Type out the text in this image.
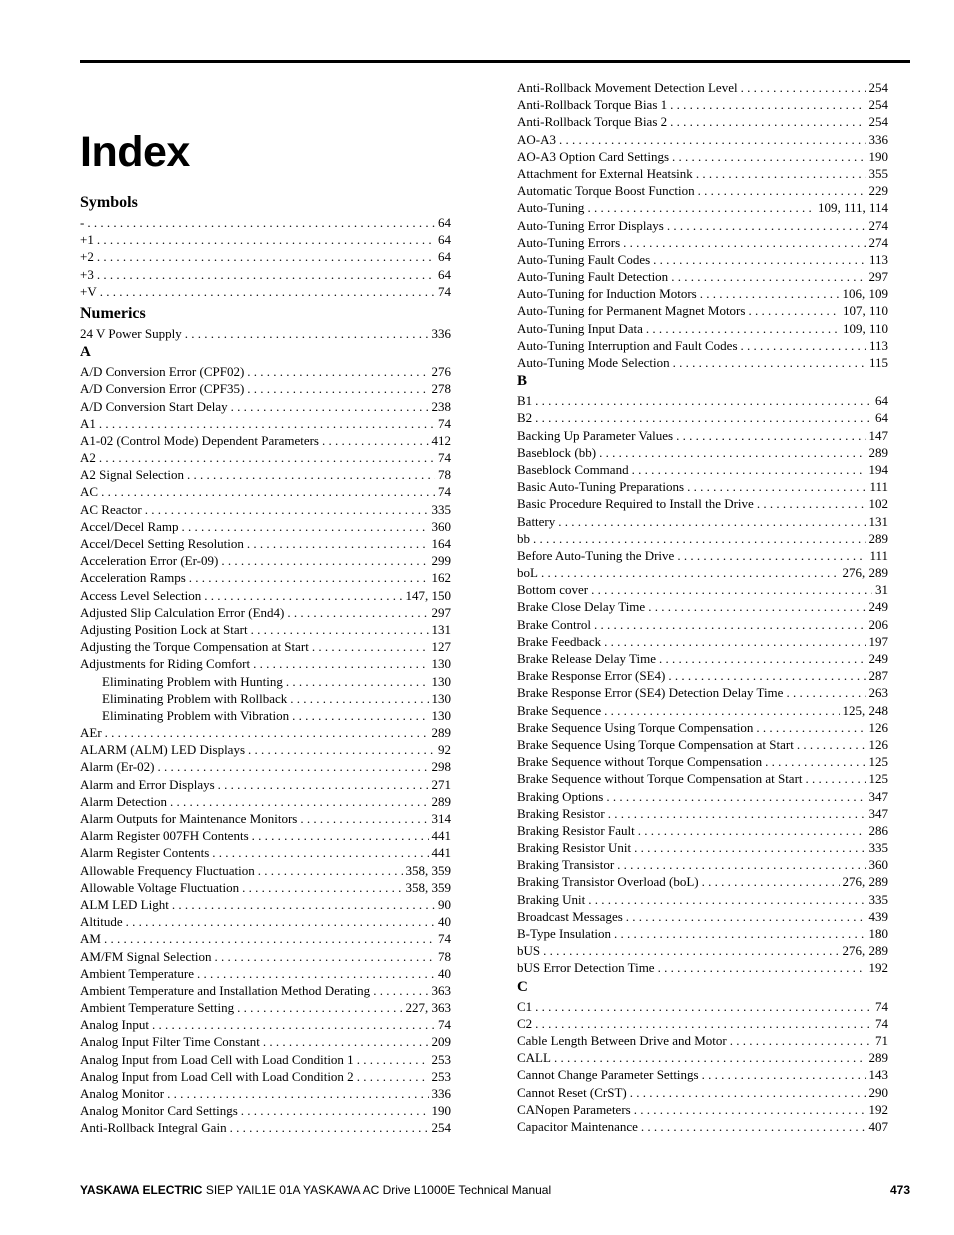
Index
Symbols
- . . .	64
+1 . . .	64
+2 . . .	64
+3 . . .	64
+V . . .	74
Numerics
24 V Power Supply . . .	336
A
A/D Conversion Error (CPF02) . . .	276
A/D Conversion Error (CPF35) . . .	278
A/D Conversion Start Delay . . .	238
A1 . . .	74
A1-02 (Control Mode) Dependent Parameters . . .	412
A2 . . .	74
A2 Signal Selection . . .	78
AC . . .	74
AC Reactor . . .	335
Accel/Decel Ramp . . .	360
Accel/Decel Setting Resolution . . .	164
Acceleration Error (Er-09) . . .	299
Acceleration Ramps . . .	162
Access Level Selection . . .	147, 150
Adjusted Slip Calculation Error (End4) . . .	297
Adjusting Position Lock at Start . . .	131
Adjusting the Torque Compensation at Start . . .	127
Adjustments for Riding Comfort . . .	130
Eliminating Problem with Hunting . . .	130
Eliminating Problem with Rollback . . .	130
Eliminating Problem with Vibration . . .	130
AEr . . .	289
ALARM (ALM) LED Displays . . .	92
Alarm (Er-02) . . .	298
Alarm and Error Displays . . .	271
Alarm Detection . . .	289
Alarm Outputs for Maintenance Monitors . . .	314
Alarm Register 007FH Contents . . .	441
Alarm Register Contents . . .	441
Allowable Frequency Fluctuation . . .	358, 359
Allowable Voltage Fluctuation . . .	358, 359
ALM LED Light . . .	90
Altitude . . .	40
AM . . .	74
AM/FM Signal Selection . . .	78
Ambient Temperature . . .	40
Ambient Temperature and Installation Method Derating . . .	363
Ambient Temperature Setting . . .	227, 363
Analog Input . . .	74
Analog Input Filter Time Constant . . .	209
Analog Input from Load Cell with Load Condition 1 . . .	253
Analog Input from Load Cell with Load Condition 2 . . .	253
Analog Monitor . . .	336
Analog Monitor Card Settings . . .	190
Anti-Rollback Integral Gain . . .	254
Anti-Rollback Movement Detection Level . . .	254
Anti-Rollback Torque Bias 1 . . .	254
Anti-Rollback Torque Bias 2 . . .	254
AO-A3 . . .	336
AO-A3 Option Card Settings . . .	190
Attachment for External Heatsink . . .	355
Automatic Torque Boost Function . . .	229
Auto-Tuning . . .	109, 111, 114
Auto-Tuning Error Displays . . .	274
Auto-Tuning Errors . . .	274
Auto-Tuning Fault Codes . . .	113
Auto-Tuning Fault Detection . . .	297
Auto-Tuning for Induction Motors . . .	106, 109
Auto-Tuning for Permanent Magnet Motors . . .	107, 110
Auto-Tuning Input Data . . .	109, 110
Auto-Tuning Interruption and Fault Codes . . .	113
Auto-Tuning Mode Selection . . .	115
B
B1 . . .	64
B2 . . .	64
Backing Up Parameter Values . . .	147
Baseblock (bb) . . .	289
Baseblock Command . . .	194
Basic Auto-Tuning Preparations . . .	111
Basic Procedure Required to Install the Drive . . .	102
Battery . . .	131
bb . . .	289
Before Auto-Tuning the Drive . . .	111
boL . . .	276, 289
Bottom cover . . .	31
Brake Close Delay Time . . .	249
Brake Control . . .	206
Brake Feedback . . .	197
Brake Release Delay Time . . .	249
Brake Response Error (SE4) . . .	287
Brake Response Error (SE4) Detection Delay Time . . .	263
Brake Sequence . . .	125, 248
Brake Sequence Using Torque Compensation . . .	126
Brake Sequence Using Torque Compensation at Start . . .	126
Brake Sequence without Torque Compensation . . .	125
Brake Sequence without Torque Compensation at Start . . .	125
Braking Options . . .	347
Braking Resistor . . .	347
Braking Resistor Fault . . .	286
Braking Resistor Unit . . .	335
Braking Transistor . . .	360
Braking Transistor Overload (boL) . . .	276, 289
Braking Unit . . .	335
Broadcast Messages . . .	439
B-Type Insulation . . .	180
bUS . . .	276, 289
bUS Error Detection Time . . .	192
C
C1 . . .	74
C2 . . .	74
Cable Length Between Drive and Motor . . .	71
CALL . . .	289
Cannot Change Parameter Settings . . .	143
Cannot Reset (CrST) . . .	290
CANopen Parameters . . .	192
Capacitor Maintenance . . .	407
YASKAWA ELECTRIC SIEP YAIL1E 01A YASKAWA AC Drive L1000E Technical Manual	473
